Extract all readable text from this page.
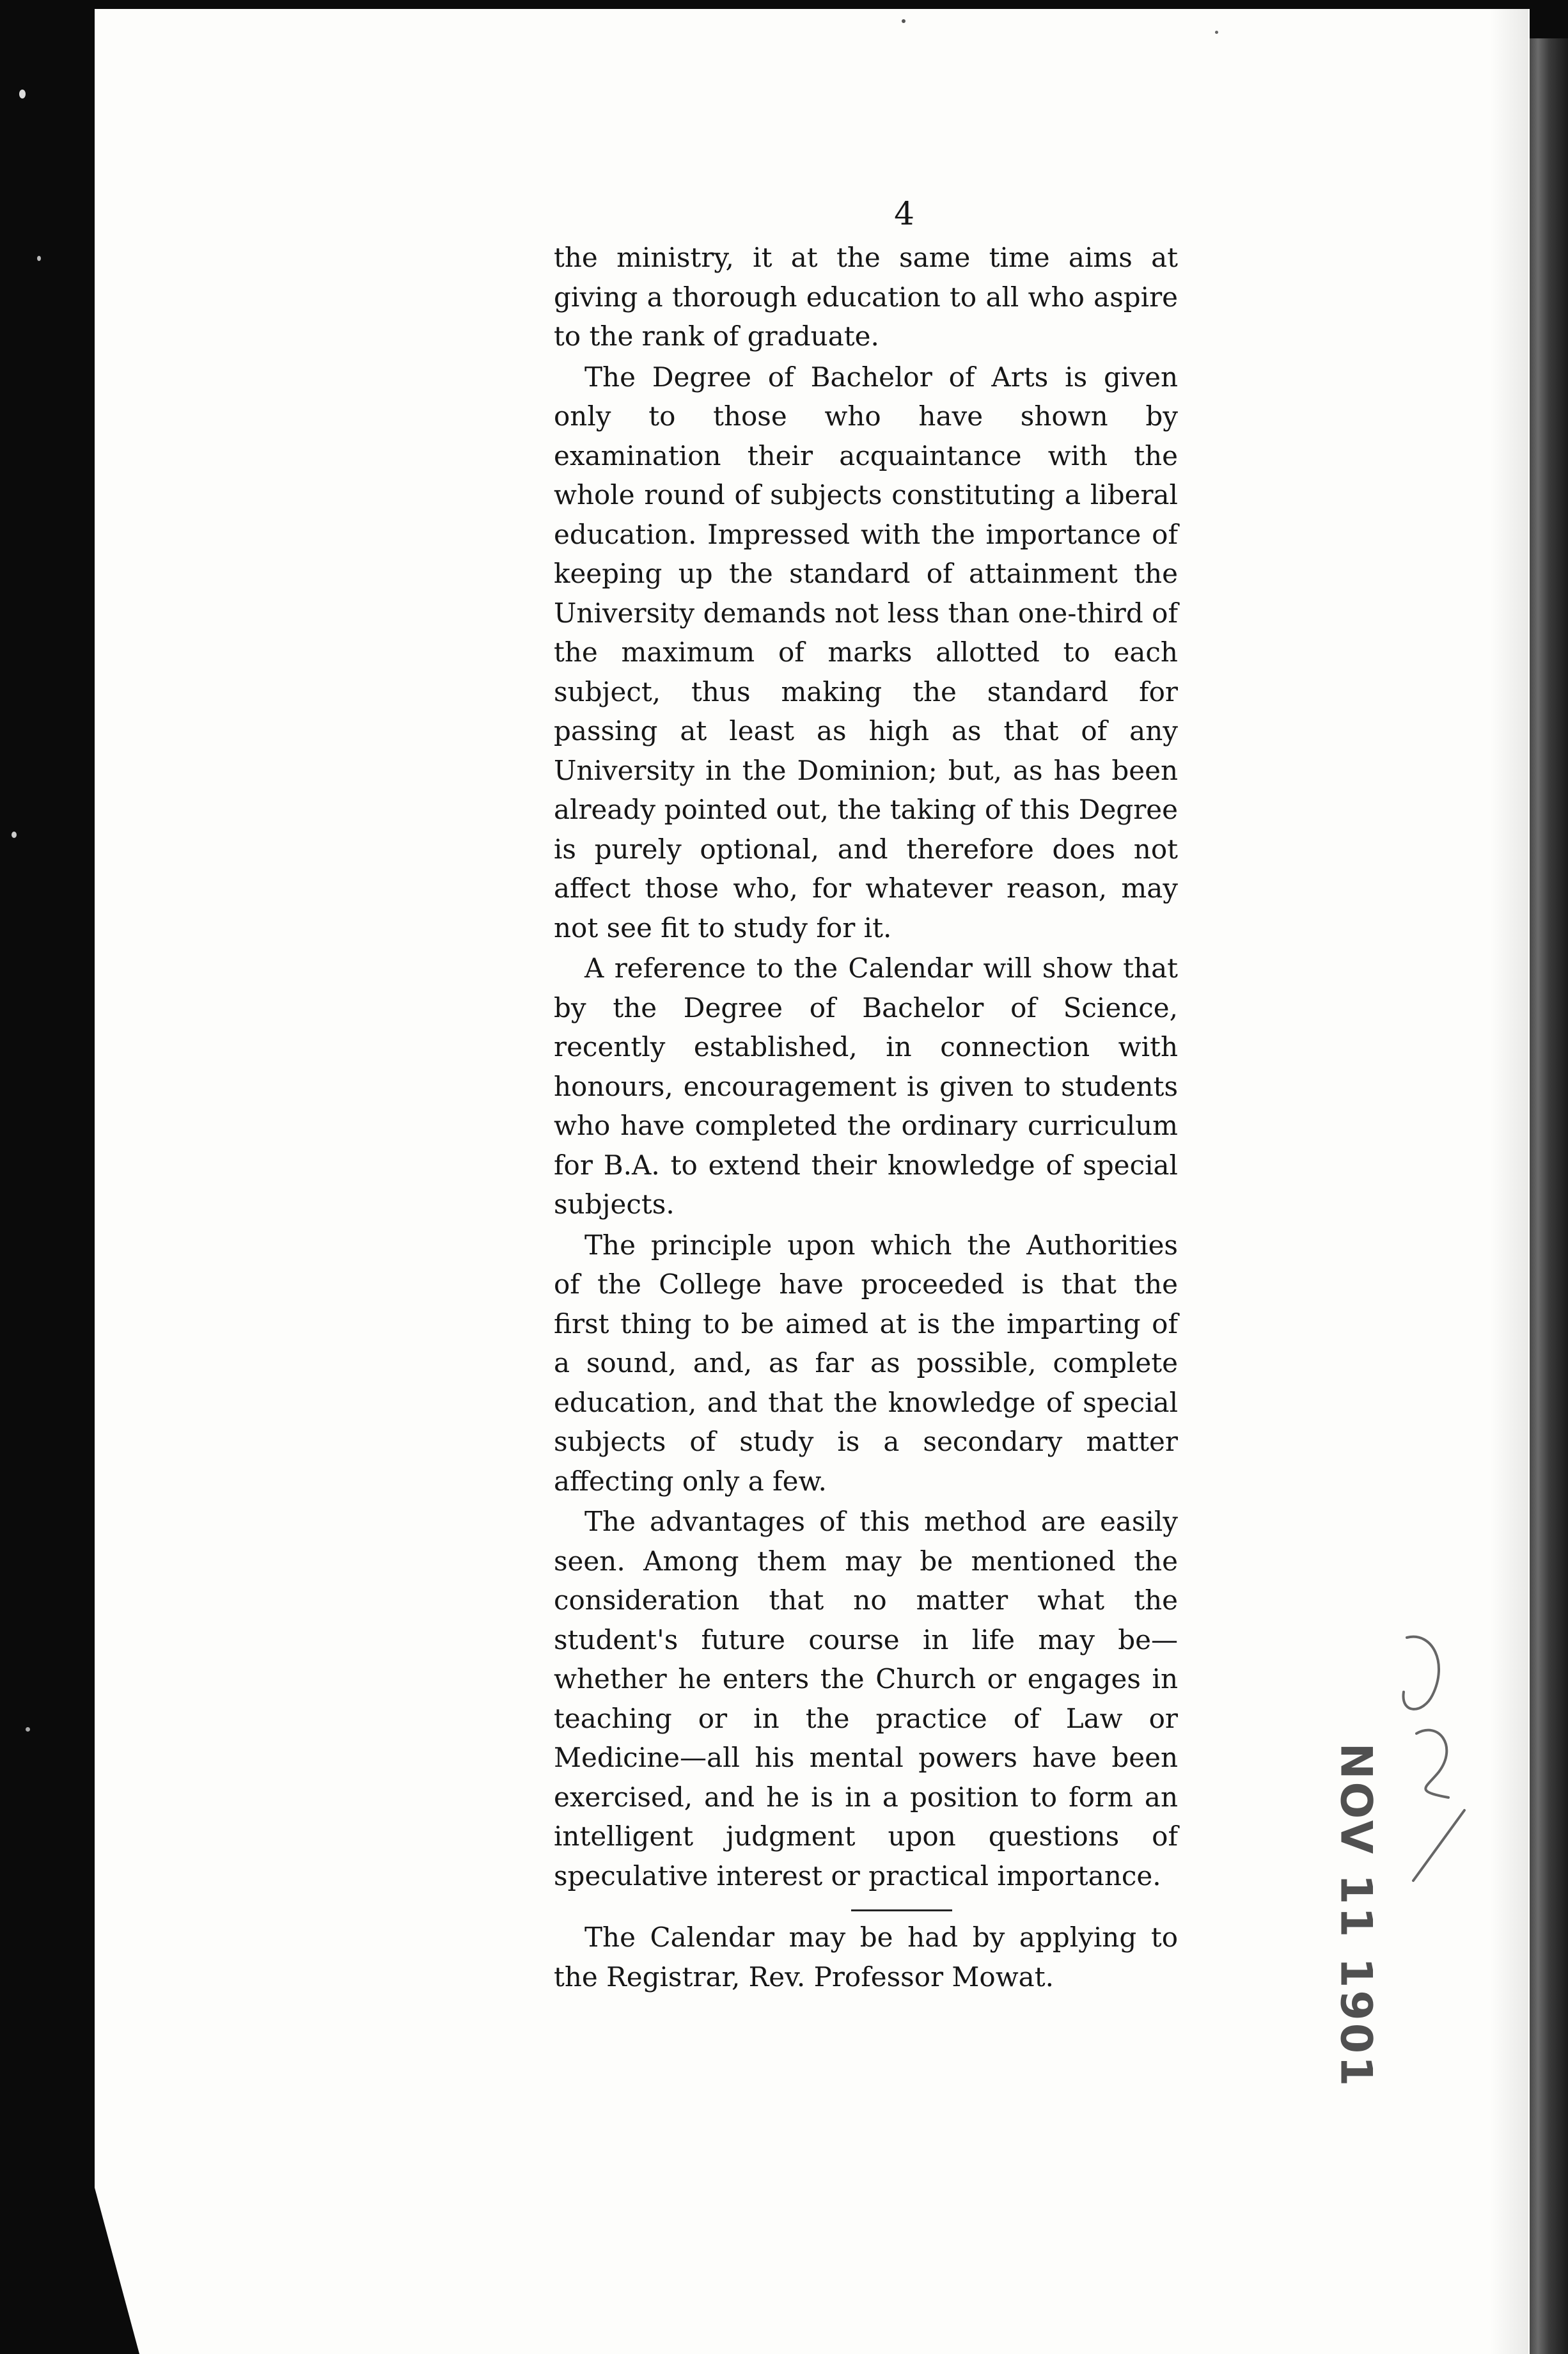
4

the ministry, it at the same time aims at giving a thorough education to all who aspire to the rank of graduate.

The Degree of Bachelor of Arts is given only to those who have shown by examination their acquaintance with the whole round of subjects constituting a liberal education. Impressed with the importance of keeping up the standard of attainment the University demands not less than one-third of the maximum of marks allotted to each subject, thus making the standard for passing at least as high as that of any University in the Dominion; but, as has been already pointed out, the taking of this Degree is purely optional, and therefore does not affect those who, for whatever reason, may not see fit to study for it.

A reference to the Calendar will show that by the Degree of Bachelor of Science, recently established, in connection with honours, encouragement is given to students who have completed the ordinary curriculum for B.A. to extend their knowledge of special subjects.

The principle upon which the Authorities of the College have proceeded is that the first thing to be aimed at is the imparting of a sound, and, as far as possible, complete education, and that the knowledge of special subjects of study is a secondary matter affecting only a few.

The advantages of this method are easily seen. Among them may be mentioned the consideration that no matter what the student's future course in life may be—whether he enters the Church or engages in teaching or in the practice of Law or Medicine—all his mental powers have been exercised, and he is in a position to form an intelligent judgment upon questions of speculative interest or practical importance.

The Calendar may be had by applying to the Registrar, Rev. Professor Mowat.	NOV 11 1901
